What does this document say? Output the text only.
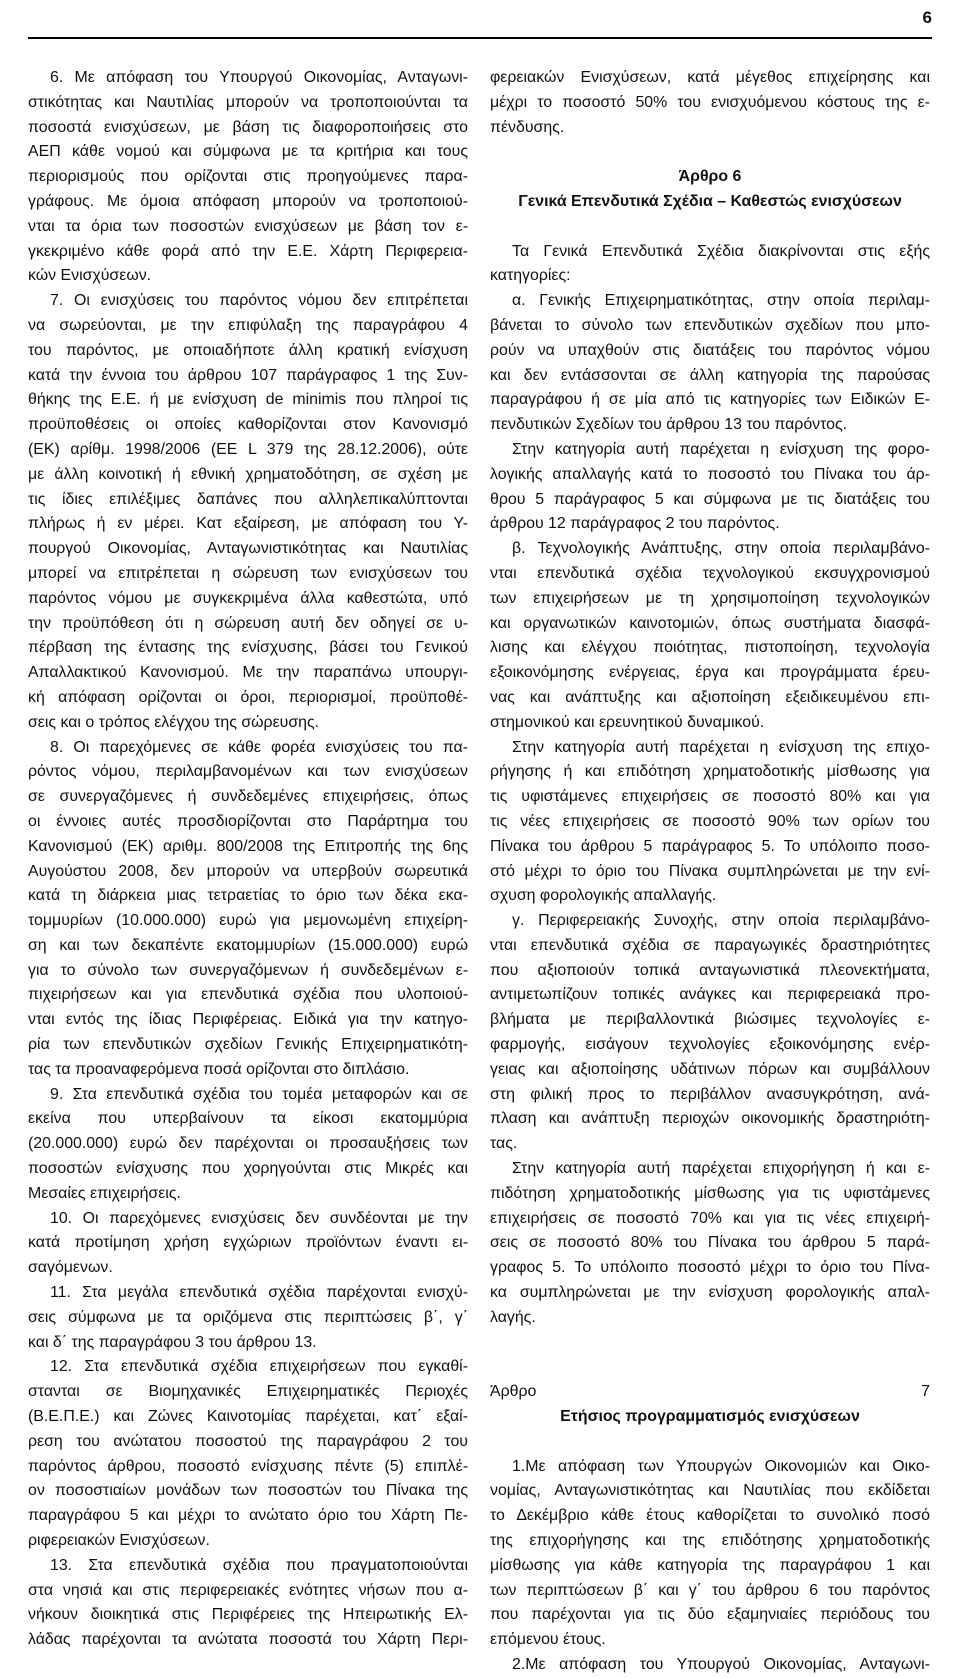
6
6. Με απόφαση του Υπουργού Οικονομίας, Ανταγωνι-
στικότητας και Ναυτιλίας μπορούν να τροποποιούνται τα
ποσοστά ενισχύσεων, με βάση τις διαφοροποιήσεις στο
ΑΕΠ κάθε νομού και σύμφωνα με τα κριτήρια και τους
περιορισμούς που ορίζονται στις προηγούμενες παρα-
γράφους. Με όμοια απόφαση μπορούν να τροποποιού-
νται τα όρια των ποσοστών ενισχύσεων με βάση τον ε-
γκεκριμένο κάθε φορά από την Ε.Ε. Χάρτη Περιφερεια-
κών Ενισχύσεων.
7. Οι ενισχύσεις του παρόντος νόμου δεν επιτρέπεται
να σωρεύονται, με την επιφύλαξη της παραγράφου 4
του παρόντος, με οποιαδήποτε άλλη κρατική ενίσχυση
κατά την έννοια του άρθρου 107 παράγραφος 1 της Συν-
θήκης της Ε.Ε. ή με ενίσχυση de minimis που πληροί τις
προϋποθέσεις οι οποίες καθορίζονται στον Κανονισμό
(ΕΚ) αρίθμ. 1998/2006 (ΕΕ L 379 της 28.12.2006), ούτε
με άλλη κοινοτική ή εθνική χρηματοδότηση, σε σχέση με
τις ίδιες επιλέξιμες δαπάνες που αλληλεπικαλύπτονται
πλήρως ή εν μέρει. Κατ εξαίρεση, με απόφαση του Υ-
πουργού Οικονομίας, Ανταγωνιστικότητας και Ναυτιλίας
μπορεί να επιτρέπεται η σώρευση των ενισχύσεων του
παρόντος νόμου με συγκεκριμένα άλλα καθεστώτα, υπό
την προϋπόθεση ότι η σώρευση αυτή δεν οδηγεί σε υ-
πέρβαση της έντασης της ενίσχυσης, βάσει του Γενικού
Απαλλακτικού Κανονισμού. Με την παραπάνω υπουργι-
κή απόφαση ορίζονται οι όροι, περιορισμοί, προϋποθέ-
σεις και ο τρόπος ελέγχου της σώρευσης.
8. Οι παρεχόμενες σε κάθε φορέα ενισχύσεις του πα-
ρόντος νόμου, περιλαμβανομένων και των ενισχύσεων
σε συνεργαζόμενες ή συνδεδεμένες επιχειρήσεις, όπως
οι έννοιες αυτές προσδιορίζονται στο Παράρτημα του
Κανονισμού (ΕΚ) αριθμ. 800/2008 της Επιτροπής της 6ης
Αυγούστου 2008, δεν μπορούν να υπερβούν σωρευτικά
κατά τη διάρκεια μιας τετραετίας το όριο των δέκα εκα-
τομμυρίων (10.000.000) ευρώ για μεμονωμένη επιχείρη-
ση και των δεκαπέντε εκατομμυρίων (15.000.000) ευρώ
για το σύνολο των συνεργαζόμενων ή συνδεδεμένων ε-
πιχειρήσεων και για επενδυτικά σχέδια που υλοποιού-
νται εντός της ίδιας Περιφέρειας. Ειδικά για την κατηγο-
ρία των επενδυτικών σχεδίων Γενικής Επιχειρηματικότη-
τας τα προαναφερόμενα ποσά ορίζονται στο διπλάσιο.
9. Στα επενδυτικά σχέδια του τομέα μεταφορών και σε
εκείνα που υπερβαίνουν τα είκοσι εκατομμύρια
(20.000.000) ευρώ δεν παρέχονται οι προσαυξήσεις των
ποσοστών ενίσχυσης που χορηγούνται στις Μικρές και
Μεσαίες επιχειρήσεις.
10. Οι παρεχόμενες ενισχύσεις δεν συνδέονται με την
κατά προτίμηση χρήση εγχώριων προϊόντων έναντι ει-
σαγόμενων.
11. Στα μεγάλα επενδυτικά σχέδια παρέχονται ενισχύ-
σεις σύμφωνα με τα οριζόμενα στις περιπτώσεις β΄, γ΄
και δ΄ της παραγράφου 3 του άρθρου 13.
12. Στα επενδυτικά σχέδια επιχειρήσεων που εγκαθί-
στανται σε Βιομηχανικές Επιχειρηματικές Περιοχές
(Β.Ε.Π.Ε.) και Ζώνες Καινοτομίας παρέχεται, κατ΄ εξαί-
ρεση του ανώτατου ποσοστού της παραγράφου 2 του
παρόντος άρθρου, ποσοστό ενίσχυσης πέντε (5) επιπλέ-
ον ποσοστιαίων μονάδων των ποσοστών του Πίνακα της
παραγράφου 5 και μέχρι το ανώτατο όριο του Χάρτη Πε-
ριφερειακών Ενισχύσεων.
13. Στα επενδυτικά σχέδια που πραγματοποιούνται
στα νησιά και στις περιφερειακές ενότητες νήσων που α-
νήκουν διοικητικά στις Περιφέρειες της Ηπειρωτικής Ελ-
λάδας παρέχονται τα ανώτατα ποσοστά του Χάρτη Περι-
φερειακών Ενισχύσεων, κατά μέγεθος επιχείρησης και
μέχρι το ποσοστό 50% του ενισχυόμενου κόστους της ε-
πένδυσης.
Άρθρο 6
Γενικά Επενδυτικά Σχέδια – Καθεστώς ενισχύσεων
Τα Γενικά Επενδυτικά Σχέδια διακρίνονται στις εξής
κατηγορίες:
α. Γενικής Επιχειρηματικότητας, στην οποία περιλαμ-
βάνεται το σύνολο των επενδυτικών σχεδίων που μπο-
ρούν να υπαχθούν στις διατάξεις του παρόντος νόμου
και δεν εντάσσονται σε άλλη κατηγορία της παρούσας
παραγράφου ή σε μία από τις κατηγορίες των Ειδικών Ε-
πενδυτικών Σχεδίων του άρθρου 13 του παρόντος.
Στην κατηγορία αυτή παρέχεται η ενίσχυση της φορο-
λογικής απαλλαγής κατά το ποσοστό του Πίνακα του άρ-
θρου 5 παράγραφος 5 και σύμφωνα με τις διατάξεις του
άρθρου 12 παράγραφος 2 του παρόντος.
β. Τεχνολογικής Ανάπτυξης, στην οποία περιλαμβάνο-
νται επενδυτικά σχέδια τεχνολογικού εκσυγχρονισμού
των επιχειρήσεων με τη χρησιμοποίηση τεχνολογικών
και οργανωτικών καινοτομιών, όπως συστήματα διασφά-
λισης και ελέγχου ποιότητας, πιστοποίηση, τεχνολογία
εξοικονόμησης ενέργειας, έργα και προγράμματα έρευ-
νας και ανάπτυξης και αξιοποίηση εξειδικευμένου επι-
στημονικού και ερευνητικού δυναμικού.
Στην κατηγορία αυτή παρέχεται η ενίσχυση της επιχο-
ρήγησης ή και επιδότηση χρηματοδοτικής μίσθωσης για
τις υφιστάμενες επιχειρήσεις σε ποσοστό 80% και για
τις νέες επιχειρήσεις σε ποσοστό 90% των ορίων του
Πίνακα του άρθρου 5 παράγραφος 5. Το υπόλοιπο ποσο-
στό μέχρι το όριο του Πίνακα συμπληρώνεται με την ενί-
σχυση φορολογικής απαλλαγής.
γ. Περιφερειακής Συνοχής, στην οποία περιλαμβάνο-
νται επενδυτικά σχέδια σε παραγωγικές δραστηριότητες
που αξιοποιούν τοπικά ανταγωνιστικά πλεονεκτήματα,
αντιμετωπίζουν τοπικές ανάγκες και περιφερειακά προ-
βλήματα με περιβαλλοντικά βιώσιμες τεχνολογίες ε-
φαρμογής, εισάγουν τεχνολογίες εξοικονόμησης ενέρ-
γειας και αξιοποίησης υδάτινων πόρων και συμβάλλουν
στη φιλική προς το περιβάλλον ανασυγκρότηση, ανά-
πλαση και ανάπτυξη περιοχών οικονομικής δραστηριότη-
τας.
Στην κατηγορία αυτή παρέχεται επιχορήγηση ή και ε-
πιδότηση χρηματοδοτικής μίσθωσης για τις υφιστάμενες
επιχειρήσεις σε ποσοστό 70% και για τις νέες επιχειρή-
σεις σε ποσοστό 80% του Πίνακα του άρθρου 5 παρά-
γραφος 5. Το υπόλοιπο ποσοστό μέχρι το όριο του Πίνα-
κα συμπληρώνεται με την ενίσχυση φορολογικής απαλ-
λαγής.
Άρθρο 7
Ετήσιος προγραμματισμός ενισχύσεων
1.Με απόφαση των Υπουργών Οικονομιών και Οικο-
νομίας, Ανταγωνιστικότητας και Ναυτιλίας που εκδίδεται
το Δεκέμβριο κάθε έτους καθορίζεται το συνολικό ποσό
της επιχορήγησης και της επιδότησης χρηματοδοτικής
μίσθωσης για κάθε κατηγορία της παραγράφου 1 και
των περιπτώσεων β΄ και γ΄ του άρθρου 6 του παρόντος
που παρέχονται για τις δύο εξαμηνιαίες περιόδους του
επόμενου έτους.
2.Με απόφαση του Υπουργού Οικονομίας, Ανταγωνι-
